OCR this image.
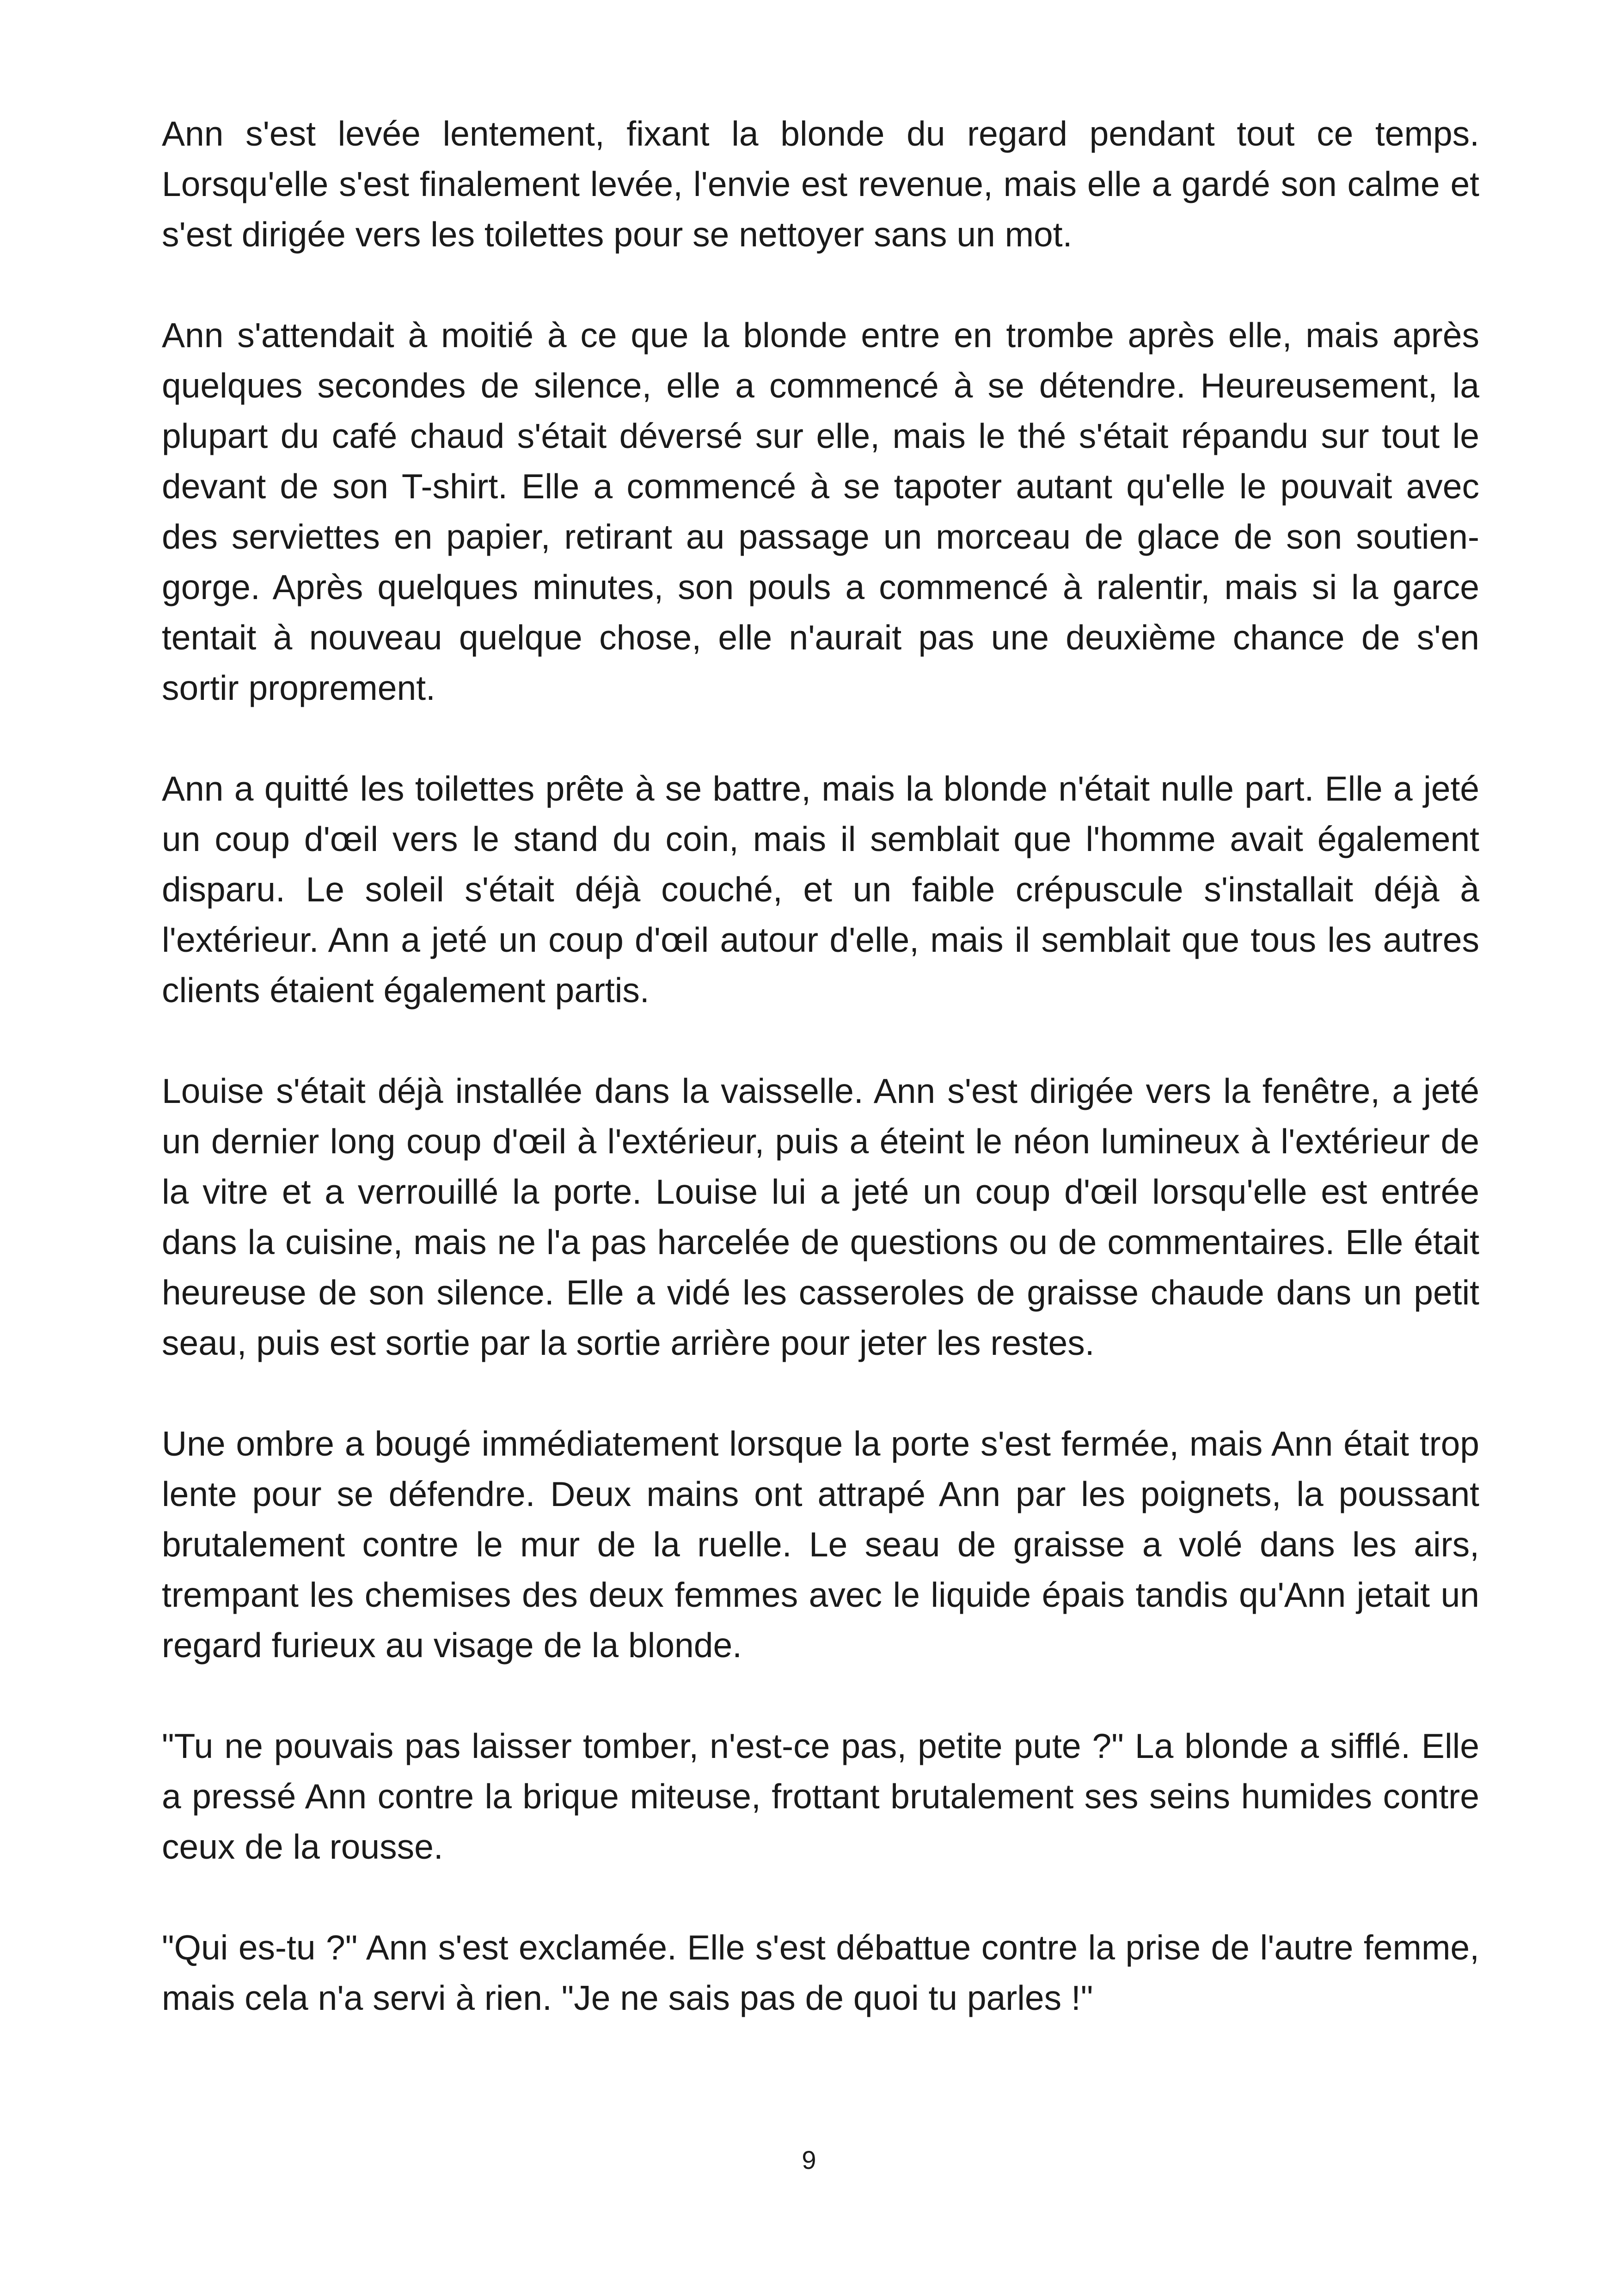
Ann s'est levée lentement, fixant la blonde du regard pendant tout ce temps. Lorsqu'elle s'est finalement levée, l'envie est revenue, mais elle a gardé son calme et s'est dirigée vers les toilettes pour se nettoyer sans un mot.

Ann s'attendait à moitié à ce que la blonde entre en trombe après elle, mais après quelques secondes de silence, elle a commencé à se détendre. Heureusement, la plupart du café chaud s'était déversé sur elle, mais le thé s'était répandu sur tout le devant de son T-shirt. Elle a commencé à se tapoter autant qu'elle le pouvait avec des serviettes en papier, retirant au passage un morceau de glace de son soutien-gorge. Après quelques minutes, son pouls a commencé à ralentir, mais si la garce tentait à nouveau quelque chose, elle n'aurait pas une deuxième chance de s'en sortir proprement.

Ann a quitté les toilettes prête à se battre, mais la blonde n'était nulle part. Elle a jeté un coup d'œil vers le stand du coin, mais il semblait que l'homme avait également disparu. Le soleil s'était déjà couché, et un faible crépuscule s'installait déjà à l'extérieur. Ann a jeté un coup d'œil autour d'elle, mais il semblait que tous les autres clients étaient également partis.

Louise s'était déjà installée dans la vaisselle. Ann s'est dirigée vers la fenêtre, a jeté un dernier long coup d'œil à l'extérieur, puis a éteint le néon lumineux à l'extérieur de la vitre et a verrouillé la porte. Louise lui a jeté un coup d'œil lorsqu'elle est entrée dans la cuisine, mais ne l'a pas harcelée de questions ou de commentaires. Elle était heureuse de son silence. Elle a vidé les casseroles de graisse chaude dans un petit seau, puis est sortie par la sortie arrière pour jeter les restes.

Une ombre a bougé immédiatement lorsque la porte s'est fermée, mais Ann était trop lente pour se défendre. Deux mains ont attrapé Ann par les poignets, la poussant brutalement contre le mur de la ruelle. Le seau de graisse a volé dans les airs, trempant les chemises des deux femmes avec le liquide épais tandis qu'Ann jetait un regard furieux au visage de la blonde.

"Tu ne pouvais pas laisser tomber, n'est-ce pas, petite pute ?" La blonde a sifflé. Elle a pressé Ann contre la brique miteuse, frottant brutalement ses seins humides contre ceux de la rousse.

"Qui es-tu ?" Ann s'est exclamée. Elle s'est débattue contre la prise de l'autre femme, mais cela n'a servi à rien. "Je ne sais pas de quoi tu parles !"

9
